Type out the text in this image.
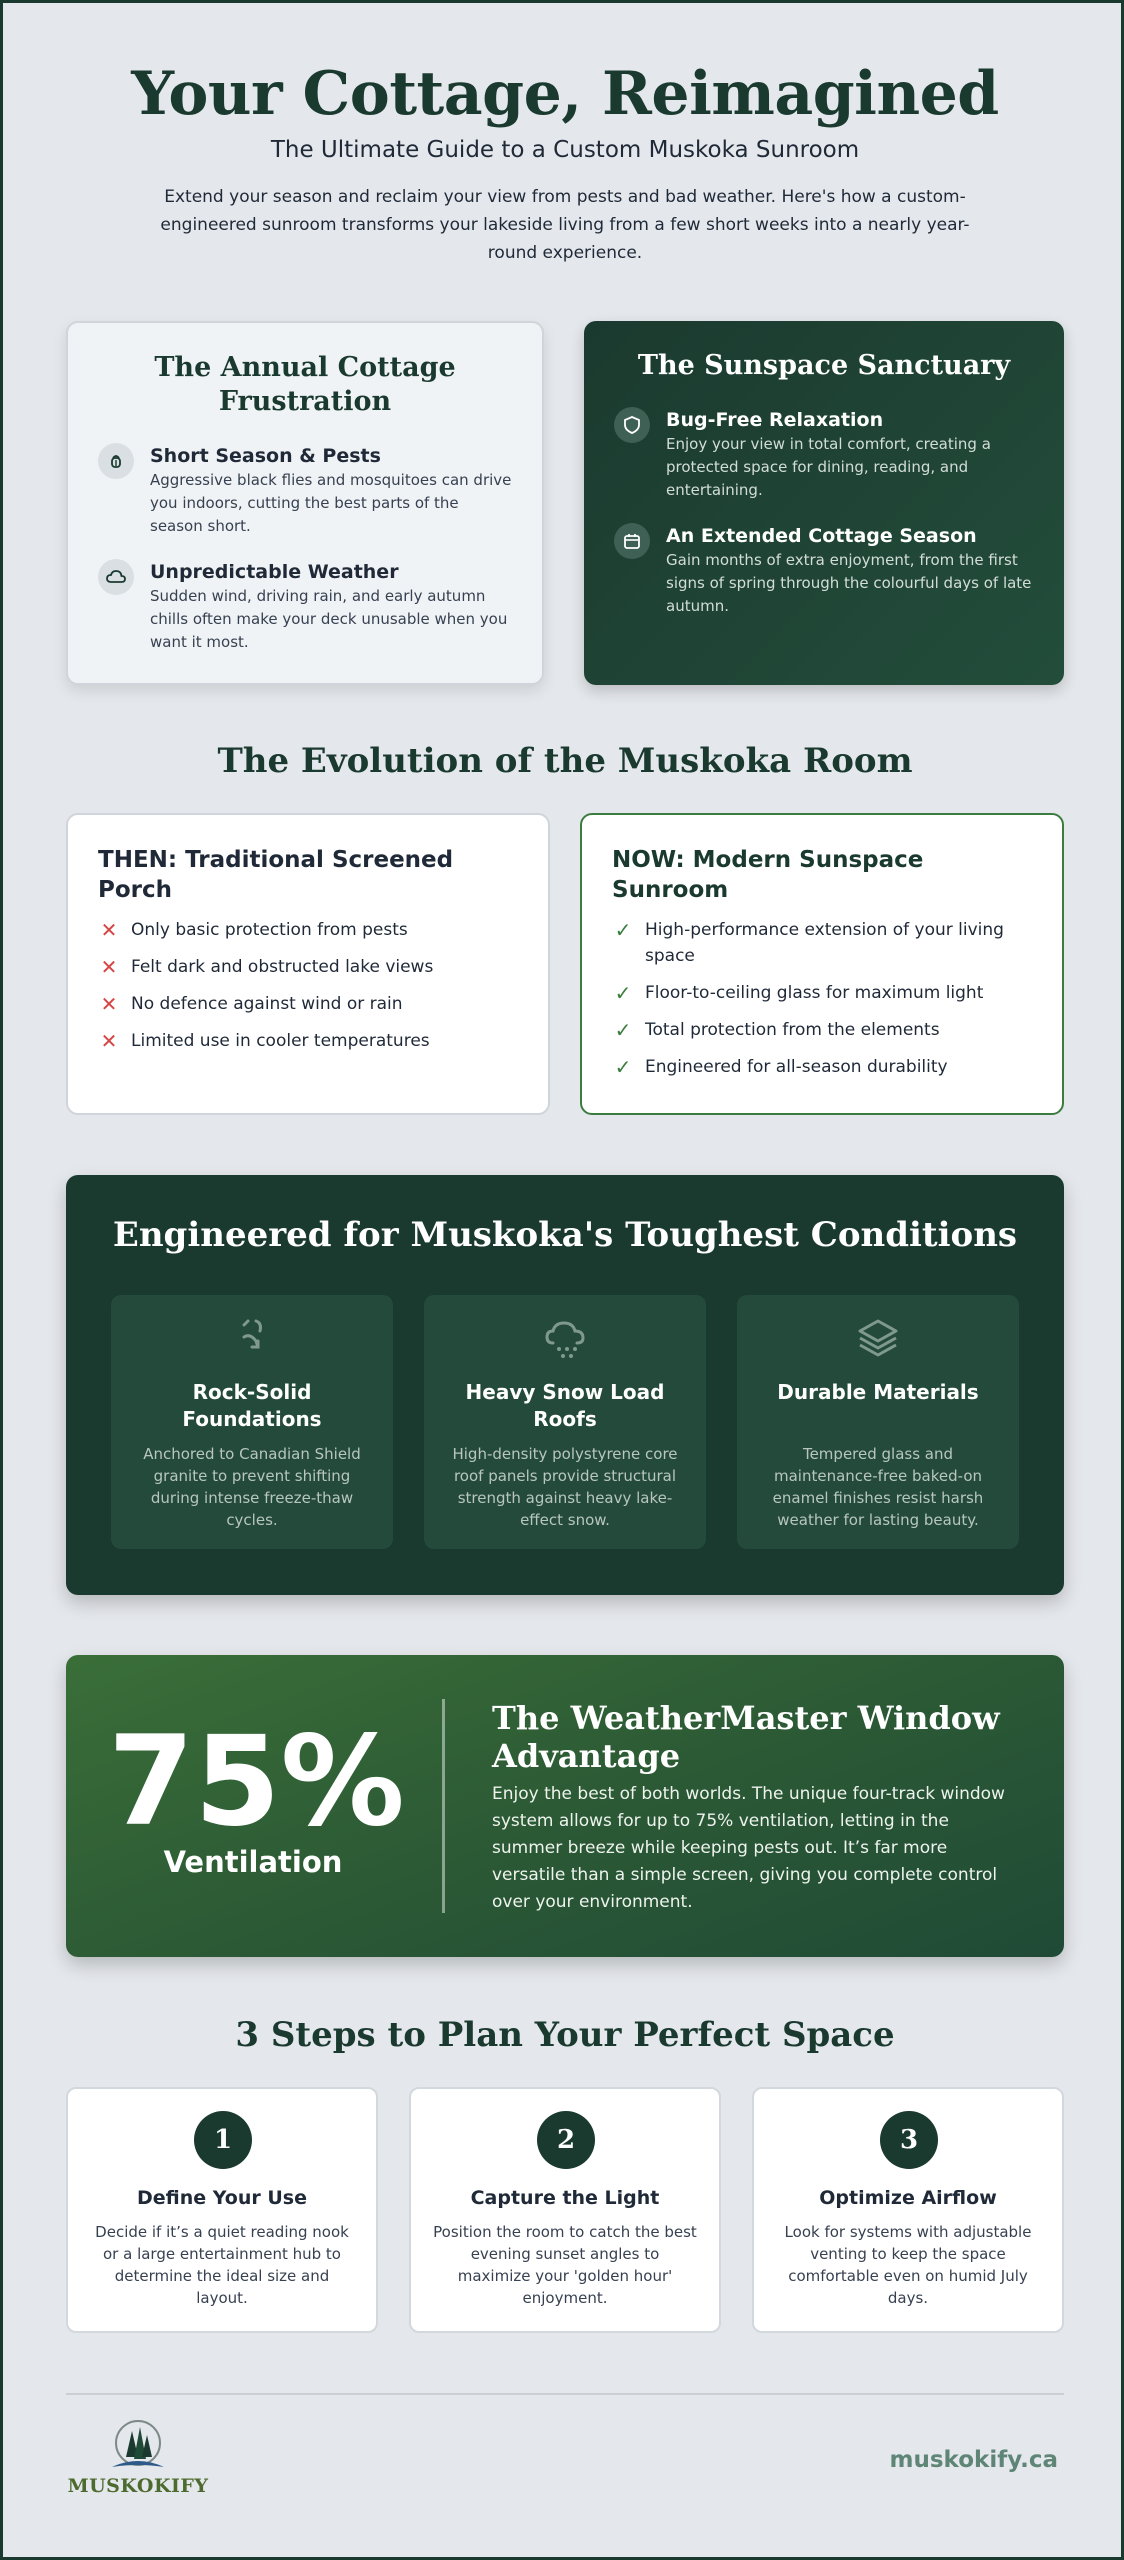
Your Cottage, Reimagined
The Ultimate Guide to a Custom Muskoka Sunroom

Extend your season and reclaim your view from pests and bad weather. Here's how a custom-engineered sunroom transforms your lakeside living from a few short weeks into a nearly year-round experience.

The Annual Cottage Frustration
Short Season & Pests
Aggressive black flies and mosquitoes can drive you indoors, cutting the best parts of the season short.
Unpredictable Weather
Sudden wind, driving rain, and early autumn chills often make your deck unusable when you want it most.
The Sunspace Sanctuary
Bug-Free Relaxation
Enjoy your view in total comfort, creating a protected space for dining, reading, and entertaining.
An Extended Cottage Season
Gain months of extra enjoyment, from the first signs of spring through the colourful days of late autumn.
The Evolution of the Muskoka Room
THEN: Traditional Screened Porch
✕ Only basic protection from pests
✕ Felt dark and obstructed lake views
✕ No defence against wind or rain
✕ Limited use in cooler temperatures
NOW: Modern Sunspace Sunroom
✓ High-performance extension of your living space
✓ Floor-to-ceiling glass for maximum light
✓ Total protection from the elements
✓ Engineered for all-season durability
Engineered for Muskoka's Toughest Conditions
Rock-Solid Foundations
Anchored to Canadian Shield granite to prevent shifting during intense freeze-thaw cycles.
Heavy Snow Load Roofs
High-density polystyrene core roof panels provide structural strength against heavy lake-effect snow.
Durable Materials
Tempered glass and maintenance-free baked-on enamel finishes resist harsh weather for lasting beauty.
75%
Ventilation
The WeatherMaster Window Advantage

Enjoy the best of both worlds. The unique four-track window system allows for up to 75% ventilation, letting in the summer breeze while keeping pests out. It’s far more versatile than a simple screen, giving you complete control over your environment.

3 Steps to Plan Your Perfect Space
1
Define Your Use
Decide if it’s a quiet reading nook or a large entertainment hub to determine the ideal size and layout.
2
Capture the Light
Position the room to catch the best evening sunset angles to maximize your 'golden hour' enjoyment.
3
Optimize Airflow
Look for systems with adjustable venting to keep the space comfortable even on humid July days.
MUSKOKIFY
muskokify.ca
